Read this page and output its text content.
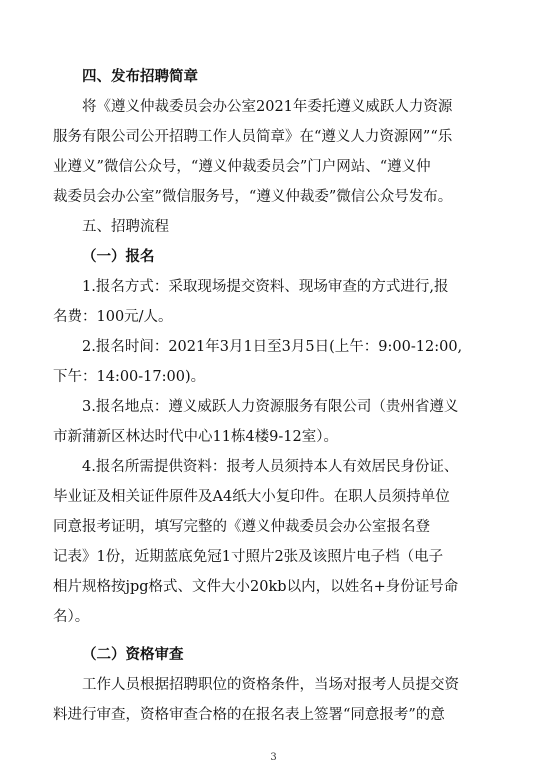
四、发布招聘简章
将《遵义仲裁委员会办公室2021年委托遵义威跃人力资源
服务有限公司公开招聘工作人员简章》在“遵义人力资源网”“乐
业遵义”微信公众号，“遵义仲裁委员会”门户网站、“遵义仲
裁委员会办公室”微信服务号，“遵义仲裁委”微信公众号发布。
五、招聘流程
（一）报名
1.报名方式：采取现场提交资料、现场审查的方式进行,报
名费：100元/人。
2.报名时间：2021年3月1日至3月5日(上午：9:00-12:00,
下午：14:00-17:00)。
3.报名地点：遵义威跃人力资源服务有限公司（贵州省遵义
市新蒲新区林达时代中心11栋4楼9-12室）。
4.报名所需提供资料：报考人员须持本人有效居民身份证、
毕业证及相关证件原件及A4纸大小复印件。在职人员须持单位
同意报考证明，填写完整的《遵义仲裁委员会办公室报名登
记表》1份，近期蓝底免冠1寸照片2张及该照片电子档（电子
相片规格按jpg格式、文件大小20kb以内，以姓名+身份证号命
名）。
（二）资格审查
工作人员根据招聘职位的资格条件，当场对报考人员提交资
料进行审查，资格审查合格的在报名表上签署“同意报考”的意
3
